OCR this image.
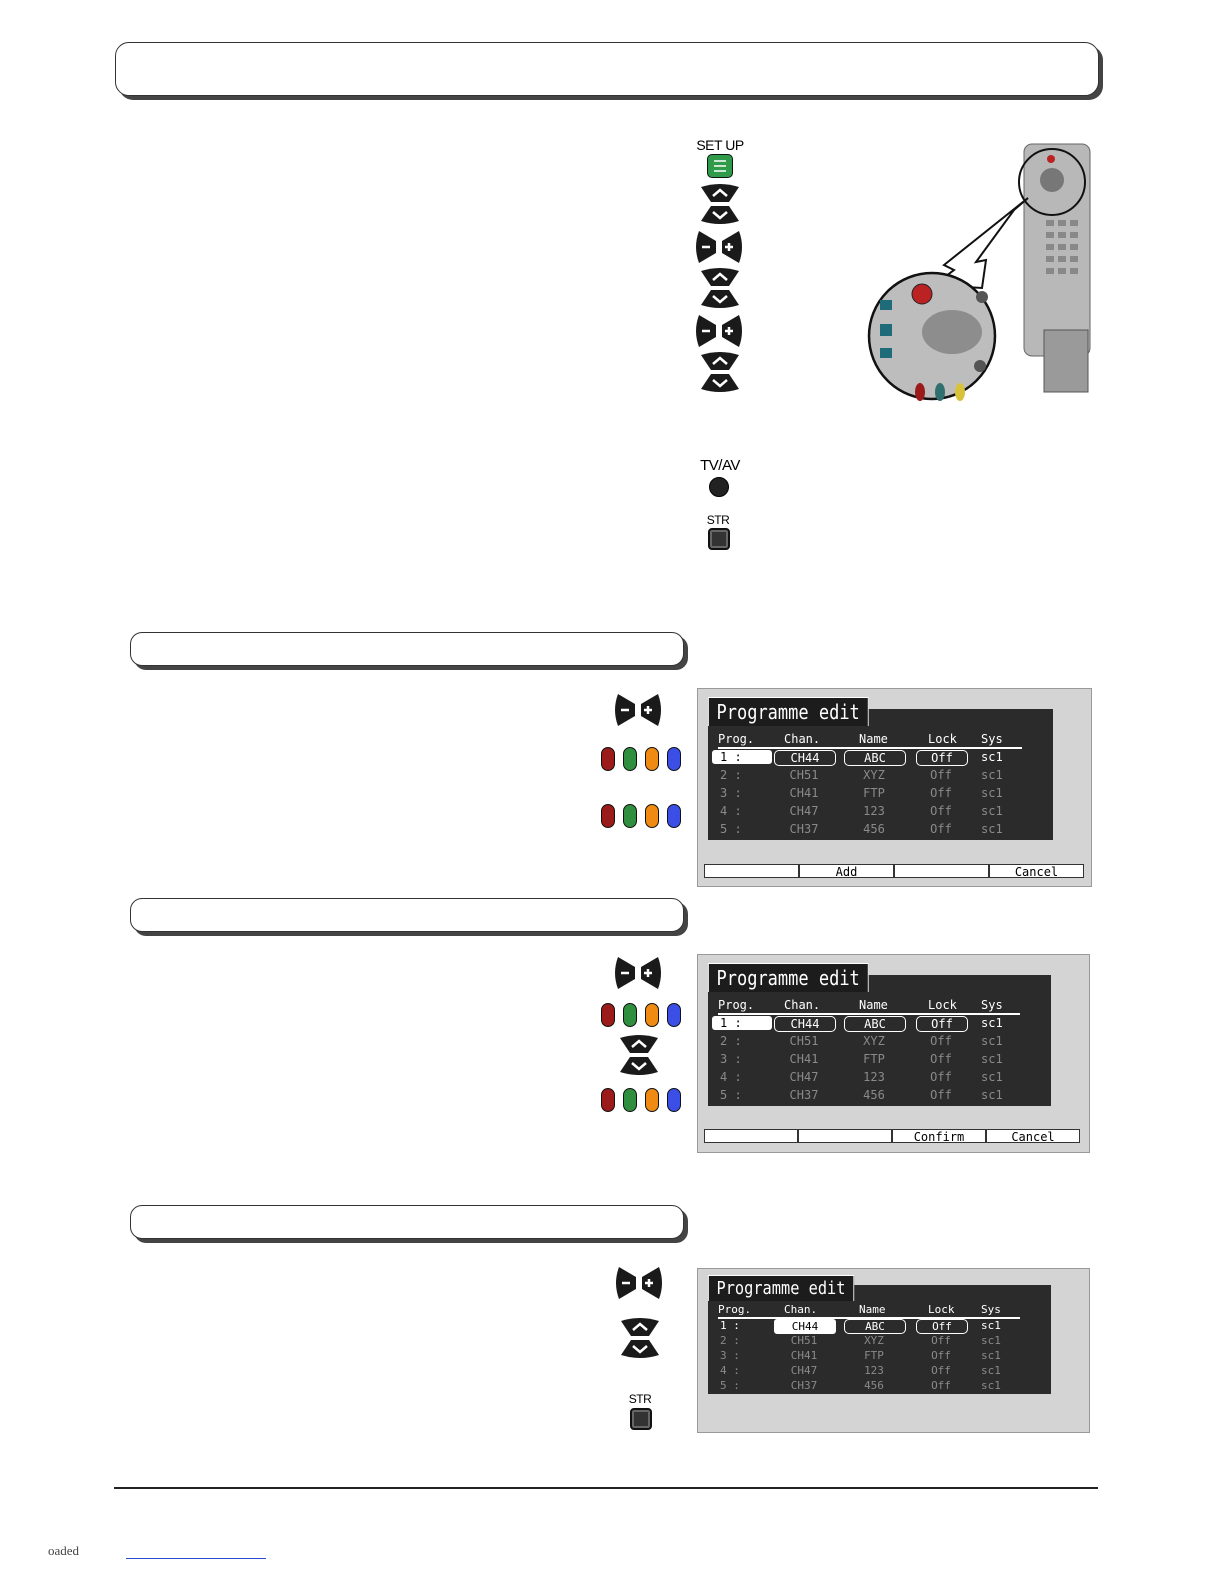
SET UP
TV/AV
STR
Programme edit
Prog.	Chan.	Name	Lock	Sys
1 :	CH44	ABC	Off	sc1
2 :	CH51	XYZ	Off	sc1
3 :	CH41	FTP	Off	sc1
4 :	CH47	123	Off	sc1
5 :	CH37	456	Off	sc1
Add	Cancel
Programme edit
Prog.	Chan.	Name	Lock	Sys
1 :	CH44	ABC	Off	sc1
2 :	CH51	XYZ	Off	sc1
3 :	CH41	FTP	Off	sc1
4 :	CH47	123	Off	sc1
5 :	CH37	456	Off	sc1
Confirm	Cancel
STR
Programme edit
Prog.	Chan.	Name	Lock	Sys
1 :	CH44	ABC	Off	sc1
2 :	CH51	XYZ	Off	sc1
3 :	CH41	FTP	Off	sc1
4 :	CH47	123	Off	sc1
5 :	CH37	456	Off	sc1
oaded
